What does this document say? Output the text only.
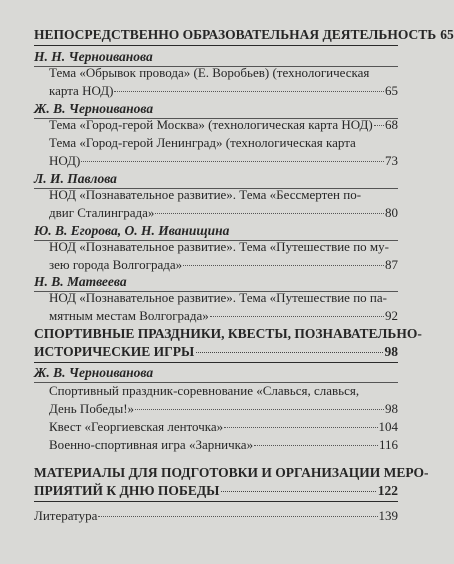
НЕПОСРЕДСТВЕННО ОБРАЗОВАТЕЛЬНАЯ ДЕЯТЕЛЬНОСТЬ 65
Н. Н. Черноиванова
Тема «Обрывок провода» (Е. Воробьев) (технологическая
карта НОД)	65
Ж. В. Черноиванова
Тема «Город-герой Москва» (технологическая карта НОД) 68
Тема «Город-герой Ленинград» (технологическая карта
НОД)	73
Л. И. Павлова
НОД «Познавательное развитие». Тема «Бессмертен по-
двиг Сталинграда»	80
Ю. В. Егорова, О. Н. Иванищина
НОД «Познавательное развитие». Тема «Путешествие по му-
зею города Волгограда»	87
Н. В. Матвеева
НОД «Познавательное развитие». Тема «Путешествие по па-
мятным местам Волгограда»	92
СПОРТИВНЫЕ ПРАЗДНИКИ, КВЕСТЫ, ПОЗНАВАТЕЛЬНО-
ИСТОРИЧЕСКИЕ ИГРЫ	98
Ж. В. Черноиванова
Спортивный праздник-соревнование «Славься, славься,
День Победы!»	98
Квест «Георгиевская ленточка»	104
Военно-спортивная игра «Зарничка»	116
МАТЕРИАЛЫ ДЛЯ ПОДГОТОВКИ И ОРГАНИЗАЦИИ МЕРО-
ПРИЯТИЙ К ДНЮ ПОБЕДЫ	122
Литература	139
